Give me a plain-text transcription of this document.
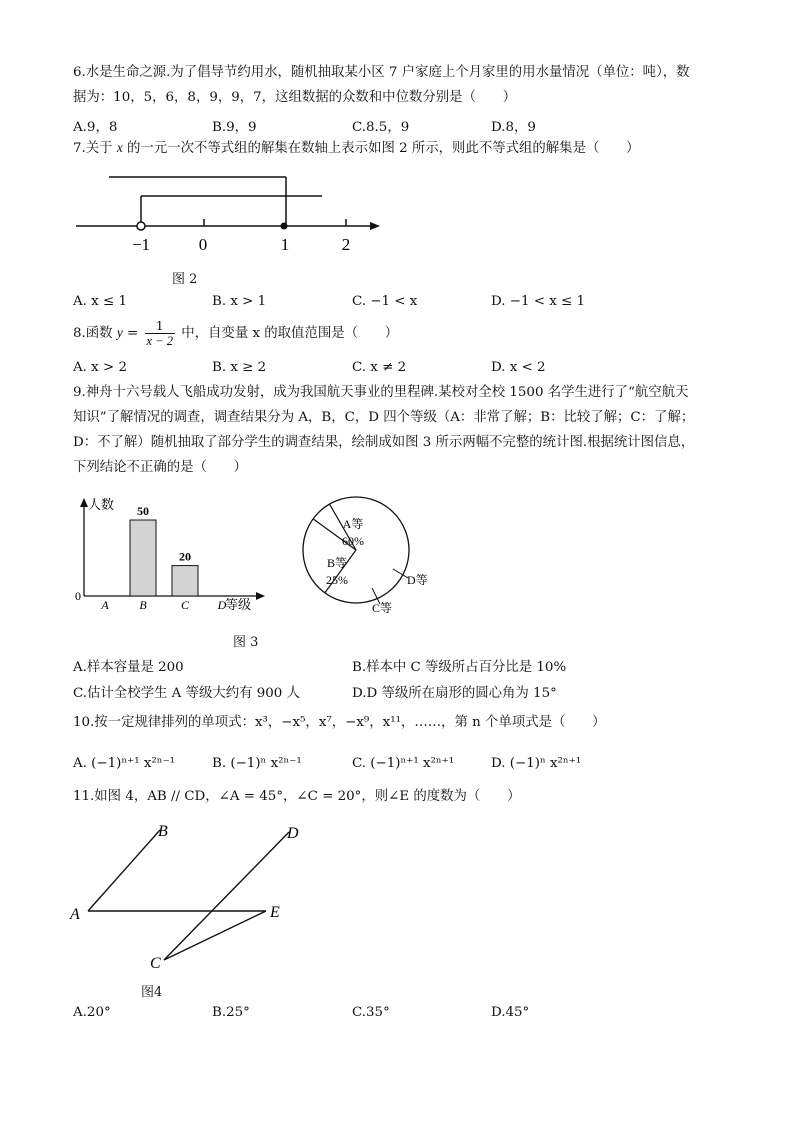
6.水是生命之源.为了倡导节约用水，随机抽取某小区 7 户家庭上个月家里的用水量情况（单位：吨），数
据为：10，5，6，8，9，9，7，这组数据的众数和中位数分别是（　　）
A.9，8	B.9，9	C.8.5，9	D.8，9
7.关于 x 的一元一次不等式组的解集在数轴上表示如图 2 所示，则此不等式组的解集是（　　）
−1	0	1	2
图 2
A. x ≤ 1	B. x > 1	C. −1 < x	D. −1 < x ≤ 1
8.函数 $y = \frac{1}{x - 2}$ 中，自变量 x 的取值范围是（　　）
A. x > 2	B. x ≥ 2	C. x ≠ 2	D. x < 2
9.神舟十六号载人飞船成功发射，成为我国航天事业的里程碑.某校对全校 1500 名学生进行了“航空航天
知识”了解情况的调查，调查结果分为 A，B，C，D 四个等级（A：非常了解；B：比较了解；C：了解；
D：不了解）随机抽取了部分学生的调查结果，绘制成如图 3 所示两幅不完整的统计图.根据统计图信息，
下列结论不正确的是（　　）
人数
等级
0
A	B
50
C
20
D
A等
60%
B等
25%
C等
D等
图 3
A.样本容量是 200	B.样本中 C 等级所占百分比是 10%
C.估计全校学生 A 等级大约有 900 人	D.D 等级所在扇形的圆心角为 15°
10.按一定规律排列的单项式：x³，−x⁵，x⁷，−x⁹，x¹¹，……，第 n 个单项式是（　　）
A. (−1)ⁿ⁺¹ x²ⁿ⁻¹	B. (−1)ⁿ x²ⁿ⁻¹	C. (−1)ⁿ⁺¹ x²ⁿ⁺¹	D. (−1)ⁿ x²ⁿ⁺¹
11.如图 4，AB // CD，∠A = 45°，∠C = 20°，则∠E 的度数为（　　）
B	D
A	E
C
图4
A.20°	B.25°	C.35°	D.45°
